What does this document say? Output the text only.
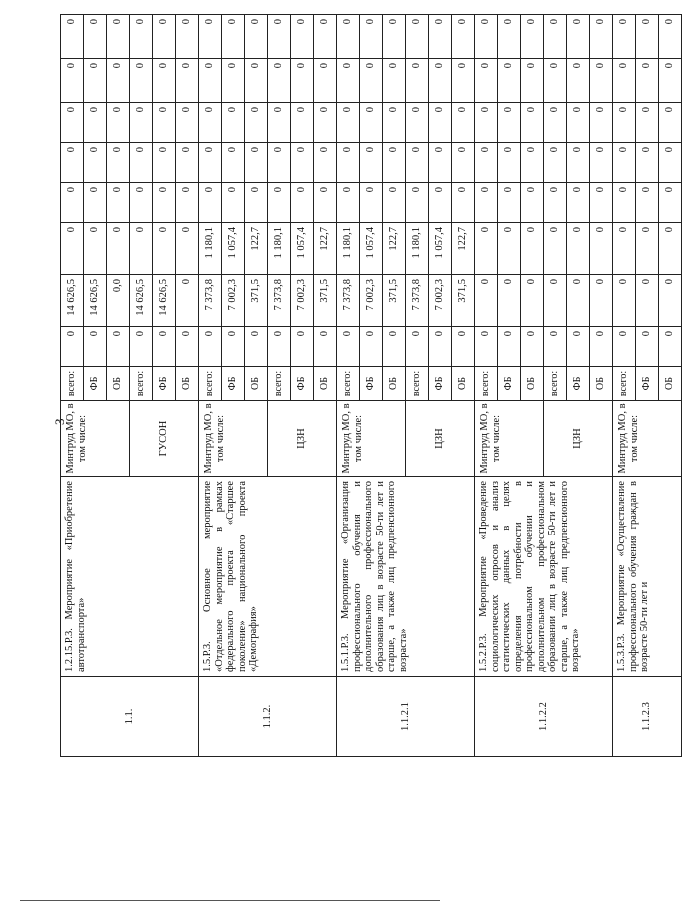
3
1.1.	1.2.15.Р.3. Мероприятие «Приобретение автотранспорта»	Минтруд МО, в том числе:	всего:	0	14 626,5	0	0	0	0	0	0
			ФБ	0	14 626,5	0	0	0	0	0	0
			ОБ	0	0,0	0	0	0	0	0	0
		ГУСОН	всего:	0	14 626,5	0	0	0	0	0	0
			ФБ	0	14 626,5	0	0	0	0	0	0
			ОБ	0	0	0	0	0	0	0	0
1.1.2.	1.5.Р.3. Основное мероприятие «Отдельное мероприятие в рамках федерального проекта «Старшее поколение» национального проекта «Демография»	Минтруд МО, в том числе:	всего:	0	7 373,8	1 180,1	0	0	0	0	0
			ФБ	0	7 002,3	1 057,4	0	0	0	0	0
			ОБ	0	371,5	122,7	0	0	0	0	0
		ЦЗН	всего:	0	7 373,8	1 180,1	0	0	0	0	0
			ФБ	0	7 002,3	1 057,4	0	0	0	0	0
			ОБ	0	371,5	122,7	0	0	0	0	0
1.1.2.1	1.5.1.Р.3. Мероприятие «Организация профессионального обучения и дополнительного профессионального образования лиц в возрасте 50-ти лет и старше, а также лиц предпенсионного возраста»	Минтруд МО, в том числе:	всего:	0	7 373,8	1 180,1	0	0	0	0	0
			ФБ	0	7 002,3	1 057,4	0	0	0	0	0
			ОБ	0	371,5	122,7	0	0	0	0	0
		ЦЗН	всего:	0	7 373,8	1 180,1	0	0	0	0	0
			ФБ	0	7 002,3	1 057,4	0	0	0	0	0
			ОБ	0	371,5	122,7	0	0	0	0	0
1.1.2.2	1.5.2.Р.3. Мероприятие «Проведение социологических опросов и анализ статистических данных в целях определения потребности в профессиональном обучении и дополнительном профессиональном образовании лиц в возрасте 50-ти лет и старше, а также лиц предпенсионного возраста»	Минтруд МО, в том числе:	всего:	0	0	0	0	0	0	0	0
			ФБ	0	0	0	0	0	0	0	0
			ОБ	0	0	0	0	0	0	0	0
		ЦЗН	всего:	0	0	0	0	0	0	0	0
			ФБ	0	0	0	0	0	0	0	0
			ОБ	0	0	0	0	0	0	0	0
1.1.2.3	1.5.3.Р.3. Мероприятие «Осуществление профессионального обучения граждан в возрасте 50-ти лет и	Минтруд МО, в том числе:	всего:	0	0	0	0	0	0	0	0
			ФБ	0	0	0	0	0	0	0	0
			ОБ	0	0	0	0	0	0	0	0
